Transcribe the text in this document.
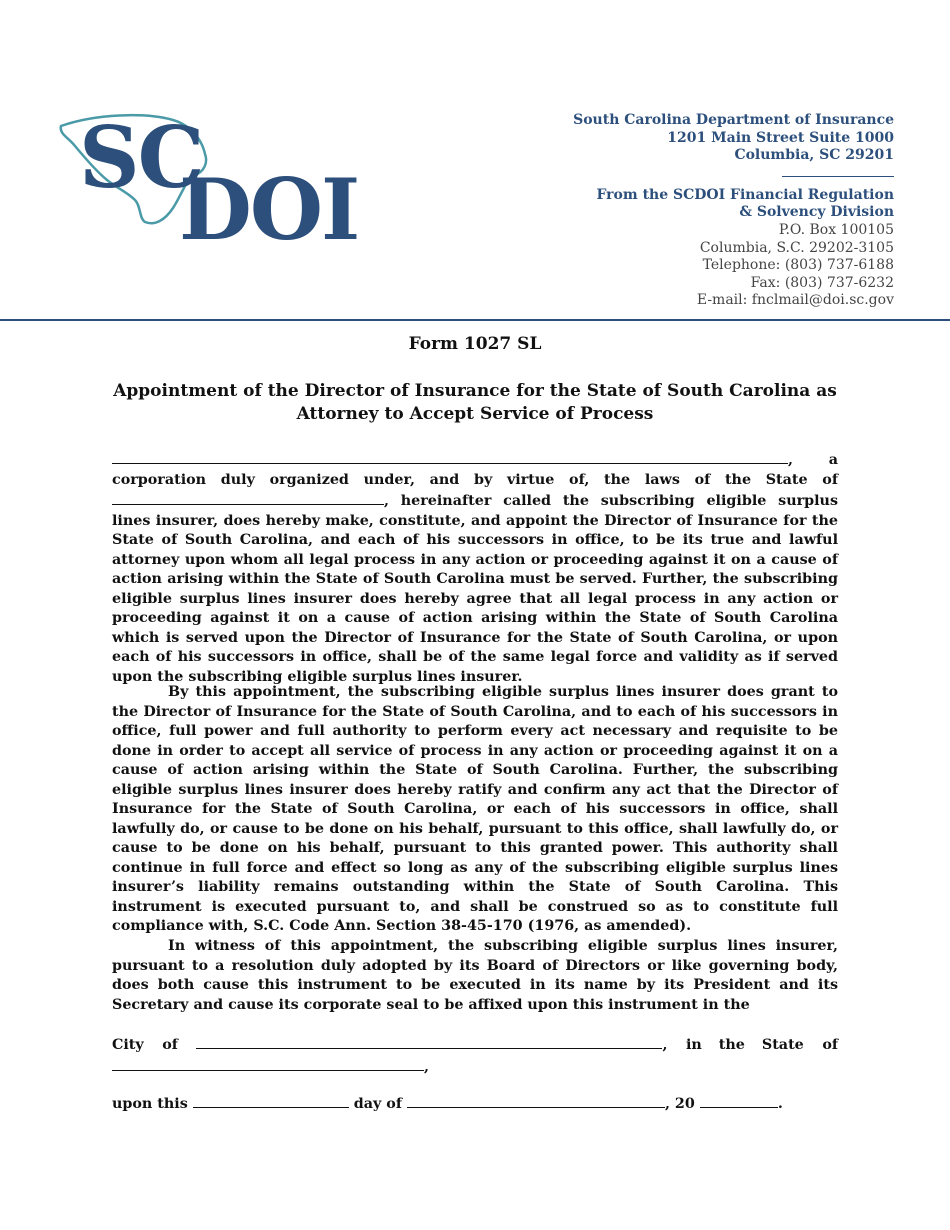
SC
DOI
South Carolina Department of Insurance
1201 Main Street Suite 1000
Columbia, SC 29201
From the SCDOI Financial Regulation
& Solvency Division
P.O. Box 100105
Columbia, S.C. 29202-3105
Telephone: (803) 737-6188
Fax: (803) 737-6232
E-mail: fnclmail@doi.sc.gov
Form 1027 SL
Appointment of the Director of Insurance for the State of South Carolina as
Attorney to Accept Service of Process
, a corporation duly organized under, and by virtue of, the laws of the State of , hereinafter called the subscribing eligible surplus lines insurer, does hereby make, constitute, and appoint the Director of Insurance for the State of South Carolina, and each of his successors in office, to be its true and lawful attorney upon whom all legal process in any action or proceeding against it on a cause of action arising within the State of South Carolina must be served. Further, the subscribing eligible surplus lines insurer does hereby agree that all legal process in any action or proceeding against it on a cause of action arising within the State of South Carolina which is served upon the Director of Insurance for the State of South Carolina, or upon each of his successors in office, shall be of the same legal force and validity as if served upon the subscribing eligible surplus lines insurer.
By this appointment, the subscribing eligible surplus lines insurer does grant to the Director of Insurance for the State of South Carolina, and to each of his successors in office, full power and full authority to perform every act necessary and requisite to be done in order to accept all service of process in any action or proceeding against it on a cause of action arising within the State of South Carolina. Further, the subscribing eligible surplus lines insurer does hereby ratify and confirm any act that the Director of Insurance for the State of South Carolina, or each of his successors in office, shall lawfully do, or cause to be done on his behalf, pursuant to this office, shall lawfully do, or cause to be done on his behalf, pursuant to this granted power. This authority shall continue in full force and effect so long as any of the subscribing eligible surplus lines insurer’s liability remains outstanding within the State of South Carolina. This instrument is executed pursuant to, and shall be construed so as to constitute full compliance with, S.C. Code Ann. Section 38-45-170 (1976, as amended).
In witness of this appointment, the subscribing eligible surplus lines insurer, pursuant to a resolution duly adopted by its Board of Directors or like governing body, does both cause this instrument to be executed in its name by its President and its Secretary and cause its corporate seal to be affixed upon this instrument in the
City of	, in the State of
,
upon this	day of	, 20	.
